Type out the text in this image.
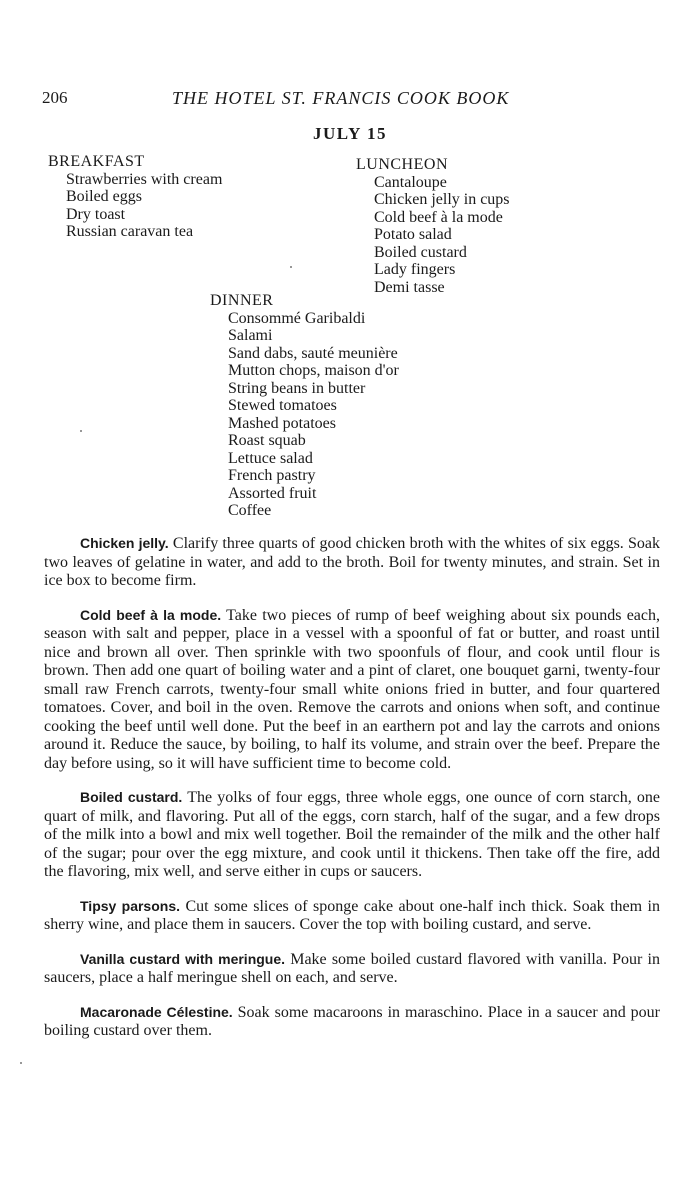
206	THE HOTEL ST. FRANCIS COOK BOOK
JULY 15
BREAKFAST
Strawberries with cream
Boiled eggs
Dry toast
Russian caravan tea
LUNCHEON
Cantaloupe
Chicken jelly in cups
Cold beef à la mode
Potato salad
Boiled custard
Lady fingers
Demi tasse
DINNER
Consommé Garibaldi
Salami
Sand dabs, sauté meunière
Mutton chops, maison d'or
String beans in butter
Stewed tomatoes
Mashed potatoes
Roast squab
Lettuce salad
French pastry
Assorted fruit
Coffee

Chicken jelly. Clarify three quarts of good chicken broth with the whites of six eggs. Soak two leaves of gelatine in water, and add to the broth. Boil for twenty minutes, and strain. Set in ice box to become firm.

Cold beef à la mode. Take two pieces of rump of beef weighing about six pounds each, season with salt and pepper, place in a vessel with a spoonful of fat or butter, and roast until nice and brown all over. Then sprinkle with two spoonfuls of flour, and cook until flour is brown. Then add one quart of boiling water and a pint of claret, one bouquet garni, twenty-four small raw French carrots, twenty-four small white onions fried in butter, and four quartered tomatoes. Cover, and boil in the oven. Remove the carrots and onions when soft, and continue cooking the beef until well done. Put the beef in an earthern pot and lay the carrots and onions around it. Reduce the sauce, by boiling, to half its volume, and strain over the beef. Prepare the day before using, so it will have sufficient time to become cold.

Boiled custard. The yolks of four eggs, three whole eggs, one ounce of corn starch, one quart of milk, and flavoring. Put all of the eggs, corn starch, half of the sugar, and a few drops of the milk into a bowl and mix well together. Boil the remainder of the milk and the other half of the sugar; pour over the egg mixture, and cook until it thickens. Then take off the fire, add the flavoring, mix well, and serve either in cups or saucers.

Tipsy parsons. Cut some slices of sponge cake about one-half inch thick. Soak them in sherry wine, and place them in saucers. Cover the top with boiling custard, and serve.

Vanilla custard with meringue. Make some boiled custard flavored with vanilla. Pour in saucers, place a half meringue shell on each, and serve.

Macaronade Célestine. Soak some macaroons in maraschino. Place in a saucer and pour boiling custard over them.
